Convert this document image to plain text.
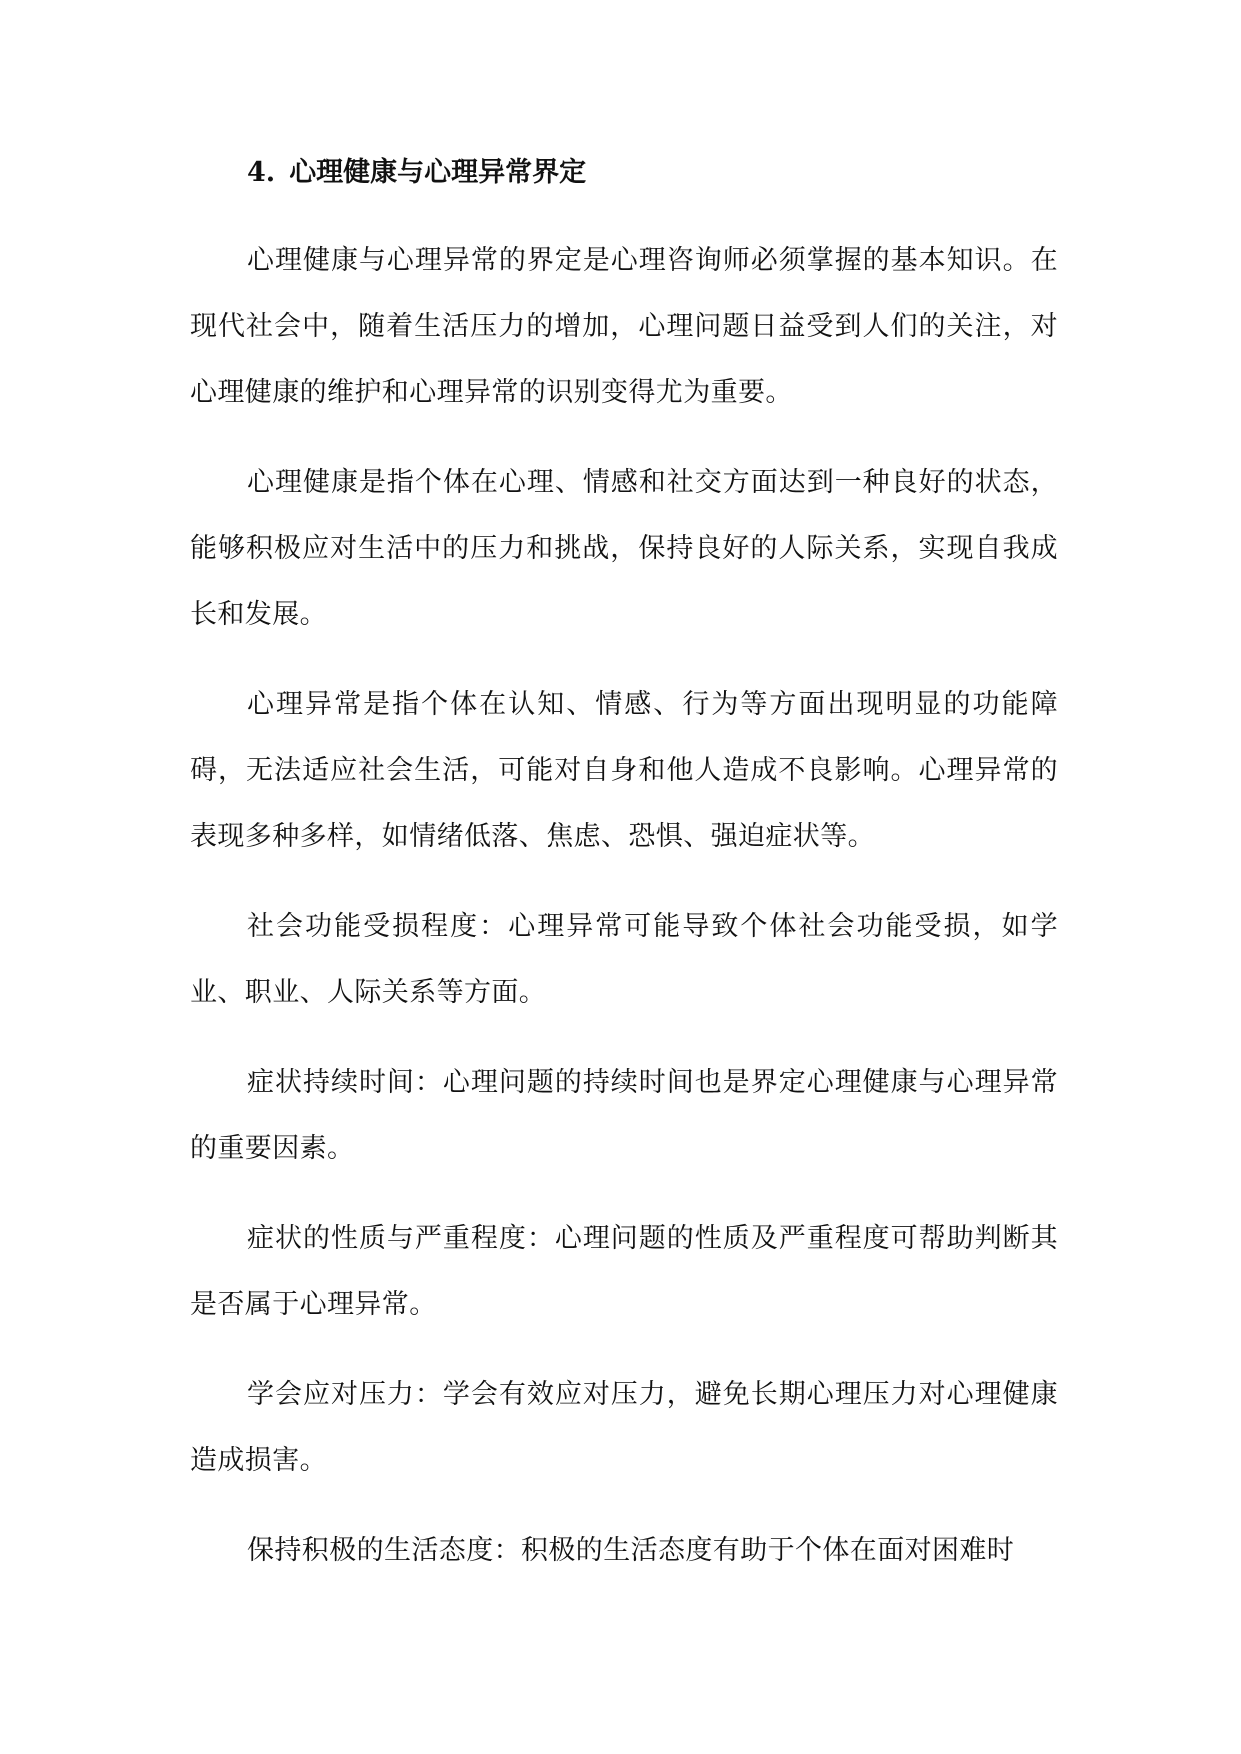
4. 心理健康与心理异常界定

心理健康与心理异常的界定是心理咨询师必须掌握的基本知识。在现代社会中，随着生活压力的增加，心理问题日益受到人们的关注，对心理健康的维护和心理异常的识别变得尤为重要。

心理健康是指个体在心理、情感和社交方面达到一种良好的状态，能够积极应对生活中的压力和挑战，保持良好的人际关系，实现自我成长和发展。

心理异常是指个体在认知、情感、行为等方面出现明显的功能障碍，无法适应社会生活，可能对自身和他人造成不良影响。心理异常的表现多种多样，如情绪低落、焦虑、恐惧、强迫症状等。

社会功能受损程度：心理异常可能导致个体社会功能受损，如学业、职业、人际关系等方面。

症状持续时间：心理问题的持续时间也是界定心理健康与心理异常的重要因素。

症状的性质与严重程度：心理问题的性质及严重程度可帮助判断其是否属于心理异常。

学会应对压力：学会有效应对压力，避免长期心理压力对心理健康造成损害。

保持积极的生活态度：积极的生活态度有助于个体在面对困难时
